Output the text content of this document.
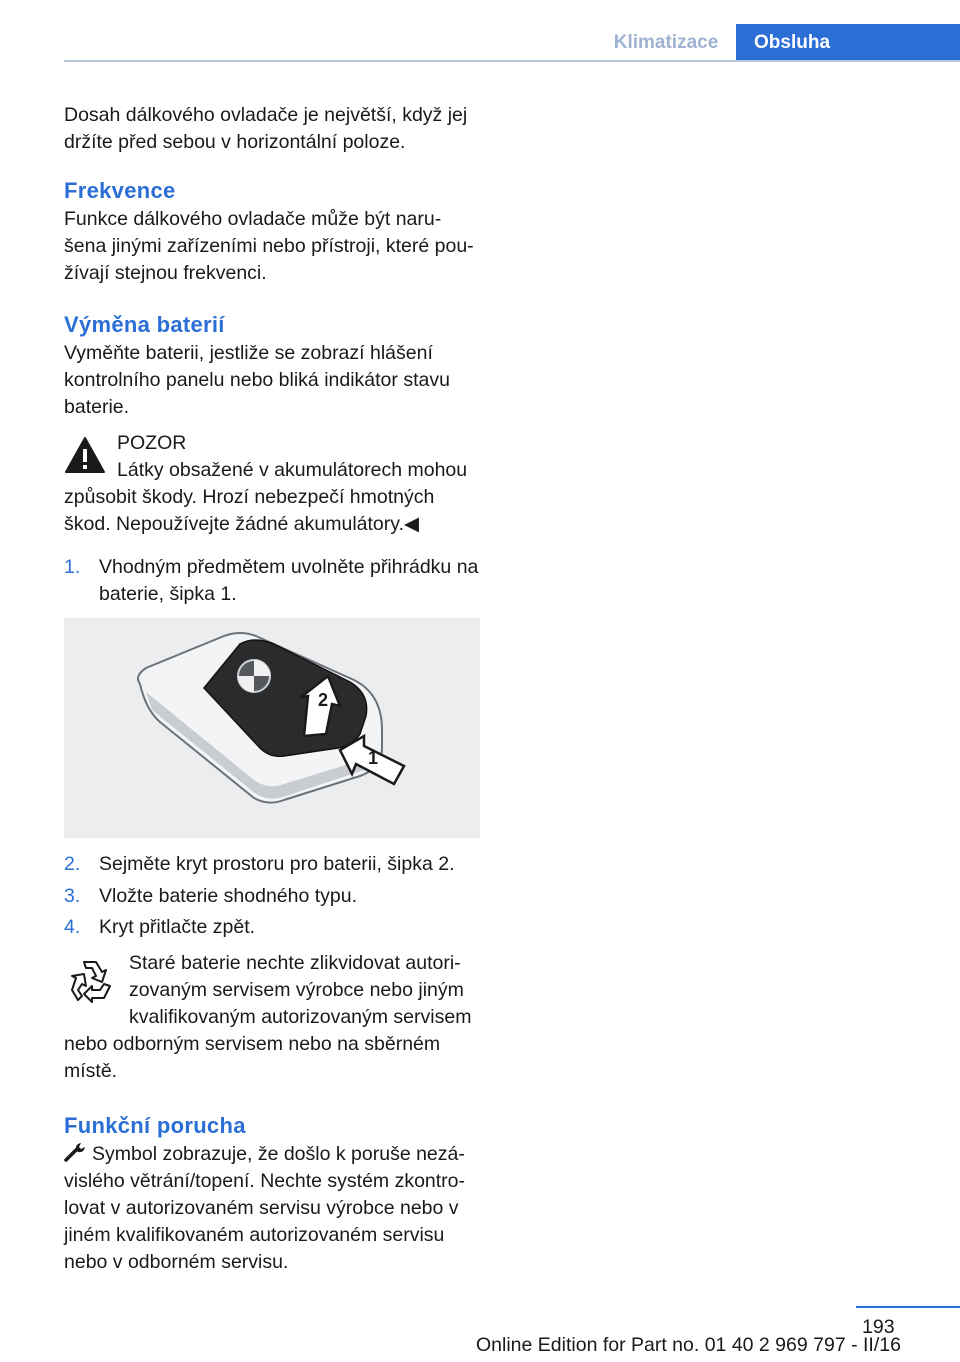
Klimatizace	Obsluha

Dosah dálkového ovladače je největší, když jej držíte před sebou v horizontální poloze.

Frekvence

Funkce dálkového ovladače může být naru‐šena jinými zařízeními nebo přístroji, které pou‐žívají stejnou frekvenci.

Výměna baterií

Vyměňte baterii, jestliže se zobrazí hlášení kontrolního panelu nebo bliká indikátor stavu baterie.

POZOR

Látky obsažené v akumulátorech mohou

způsobit škody. Hrozí nebezpečí hmotných škod. Nepoužívejte žádné akumulátory.◀

1. Vhodným předmětem uvolněte přihrádku na baterie, šipka 1.
2
1
2. Sejměte kryt prostoru pro baterii, šipka 2.
3. Vložte baterie shodného typu.
4. Kryt přitlačte zpět.

Staré baterie nechte zlikvidovat autori‐

zovaným servisem výrobce nebo jiným

kvalifikovaným autorizovaným servisem

nebo odborným servisem nebo na sběrném místě.

Funkční porucha

Symbol zobrazuje, že došlo k poruše nezá‐

vislého větrání/topení. Nechte systém zkontro‐lovat v autorizovaném servisu výrobce nebo v jiném kvalifikovaném autorizovaném servisu nebo v odborném servisu.

193
Online Edition for Part no. 01 40 2 969 797 - II/16
